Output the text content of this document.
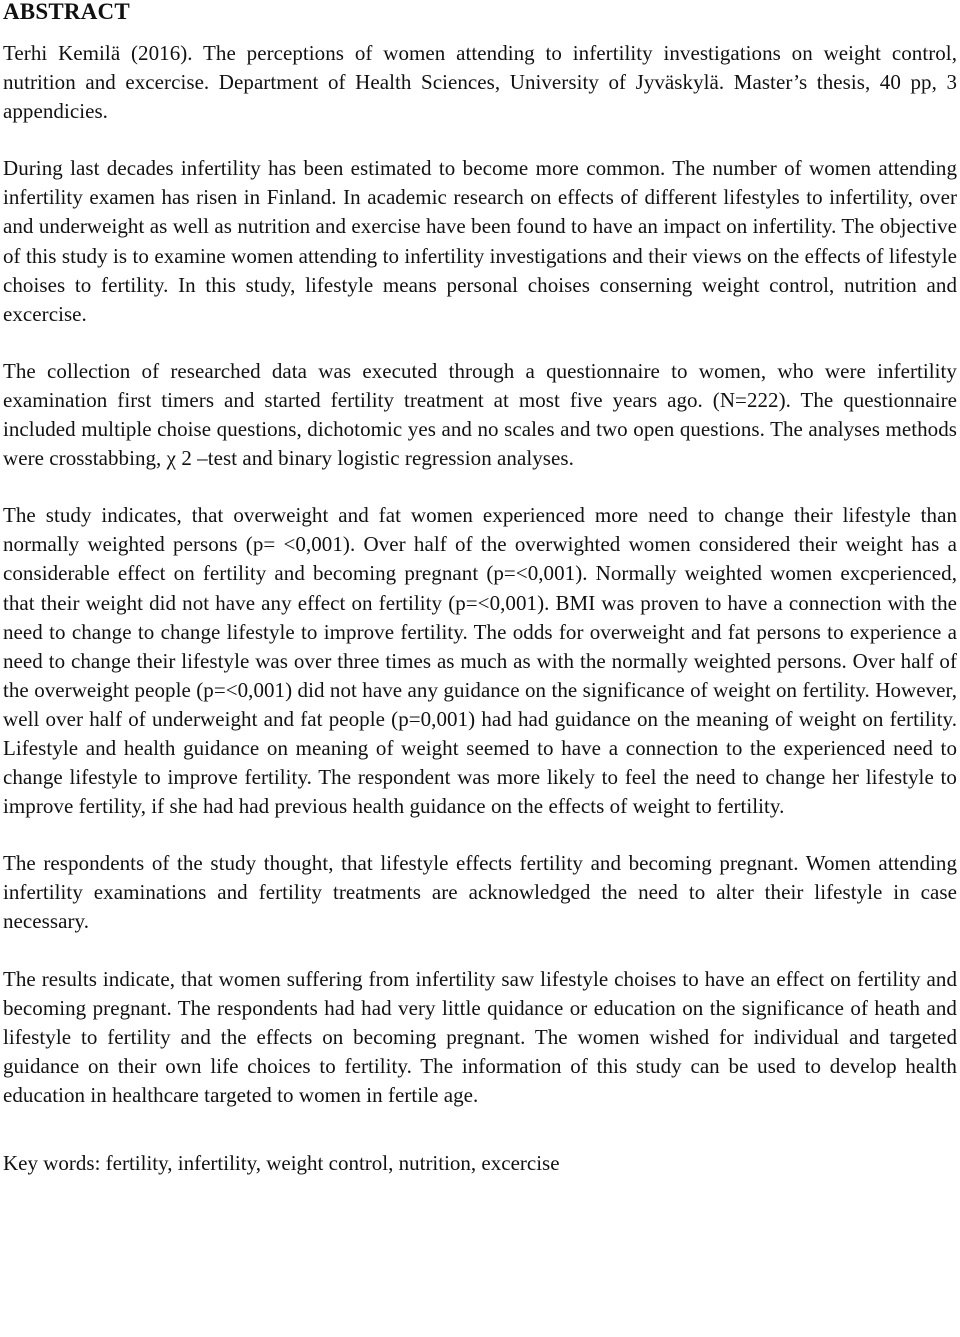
ABSTRACT

Terhi Kemilä (2016). The perceptions of women attending to infertility investigations on weight control, nutrition and excercise. Department of Health Sciences, University of Jyväskylä. Master’s thesis, 40 pp, 3 appendicies.

During last decades infertility has been estimated to become more common. The number of women attending infertility examen has risen in Finland. In academic research on effects of different lifestyles to infertility, over and underweight as well as nutrition and exercise have been found to have an impact on infertility. The objective of this study is to examine women attending to infertility investigations and their views on the effects of lifestyle choises to fertility. In this study, lifestyle means personal choises conserning weight control, nutrition and excercise.

The collection of researched data was executed through a questionnaire to women, who were infertility examination first timers and started fertility treatment at most five years ago. (N=222). The questionnaire included multiple choise questions, dichotomic yes and no scales and two open questions. The analyses methods were crosstabbing, χ 2 –test and binary logistic regression analyses.

The study indicates, that overweight and fat women experienced more need to change their lifestyle than normally weighted persons (p= <0,001). Over half of the overwighted women considered their weight has a considerable effect on fertility and becoming pregnant (p=<0,001). Normally weighted women excperienced, that their weight did not have any effect on fertility (p=<0,001). BMI was proven to have a connection with the need to change to change lifestyle to improve fertility. The odds for overweight and fat persons to experience a need to change their lifestyle was over three times as much as with the normally weighted persons. Over half of the overweight people (p=<0,001) did not have any guidance on the significance of weight on fertility. However, well over half of underweight and fat people (p=0,001) had had guidance on the meaning of weight on fertility. Lifestyle and health guidance on meaning of weight seemed to have a connection to the experienced need to change lifestyle to improve fertility. The respondent was more likely to feel the need to change her lifestyle to improve fertility, if she had had previous health guidance on the effects of weight to fertility.

The respondents of the study thought, that lifestyle effects fertility and becoming pregnant. Women attending infertility examinations and fertility treatments are acknowledged the need to alter their lifestyle in case necessary.

The results indicate, that women suffering from infertility saw lifestyle choises to have an effect on fertility and becoming pregnant. The respondents had had very little quidance or education on the significance of heath and lifestyle to fertility and the effects on becoming pregnant. The women wished for individual and targeted guidance on their own life choices to fertility. The information of this study can be used to develop health education in healthcare targeted to women in fertile age.

Key words: fertility, infertility, weight control, nutrition, excercise
